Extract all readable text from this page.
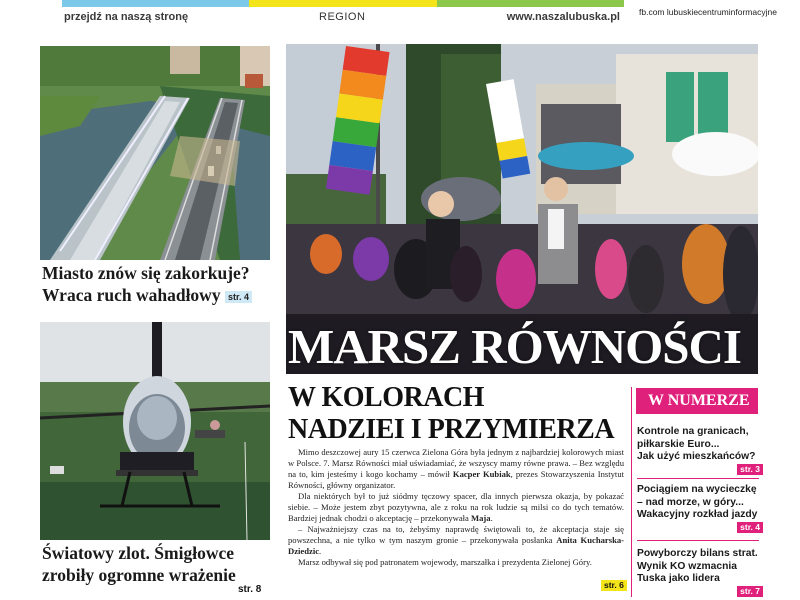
fb.com lubuskiecentruminformacyjne
przejdź na naszą stronę	REGION	www.naszalubuska.pl
Miasto znów się zakorkuje?
Wraca ruch wahadłowy str. 4
Światowy zlot. Śmigłowce
zrobiły ogromne wrażenie
str. 8
MARSZ RÓWNOŚCI
W KOLORACH
NADZIEI I PRZYMIERZA

Mimo deszczowej aury 15 czerwca Zielona Góra była jednym z najbardziej kolorowych miast w Polsce. 7. Marsz Równości miał uświadamiać, że wszyscy mamy równe prawa. – Bez względu na to, kim jesteśmy i kogo kochamy – mówił Kacper Kubiak, prezes Stowarzyszenia Instytut Równości, główny organizator.

Dla niektórych był to już siódmy tęczowy spacer, dla innych pierwsza okazja, by pokazać siebie. – Może jestem zbyt pozytywna, ale z roku na rok ludzie są milsi co do tych tematów. Bardziej jednak chodzi o akceptację – przekonywała Maja.

– Najważniejszy czas na to, żebyśmy naprawdę świętowali to, że akceptacja staje się powszechna, a nie tylko w tym naszym gronie – przekonywała posłanka Anita Kucharska-Dziedzic.

Marsz odbywał się pod patronatem wojewody, marszałka i prezydenta Zielonej Góry.

str. 6
W NUMERZE
Kontrole na granicach,
piłkarskie Euro...
Jak użyć mieszkańców?
str. 3
Pociągiem na wycieczkę
– nad morze, w góry...
Wakacyjny rozkład jazdy
str. 4
Powyborczy bilans strat.
Wynik KO wzmacnia
Tuska jako lidera
str. 7
